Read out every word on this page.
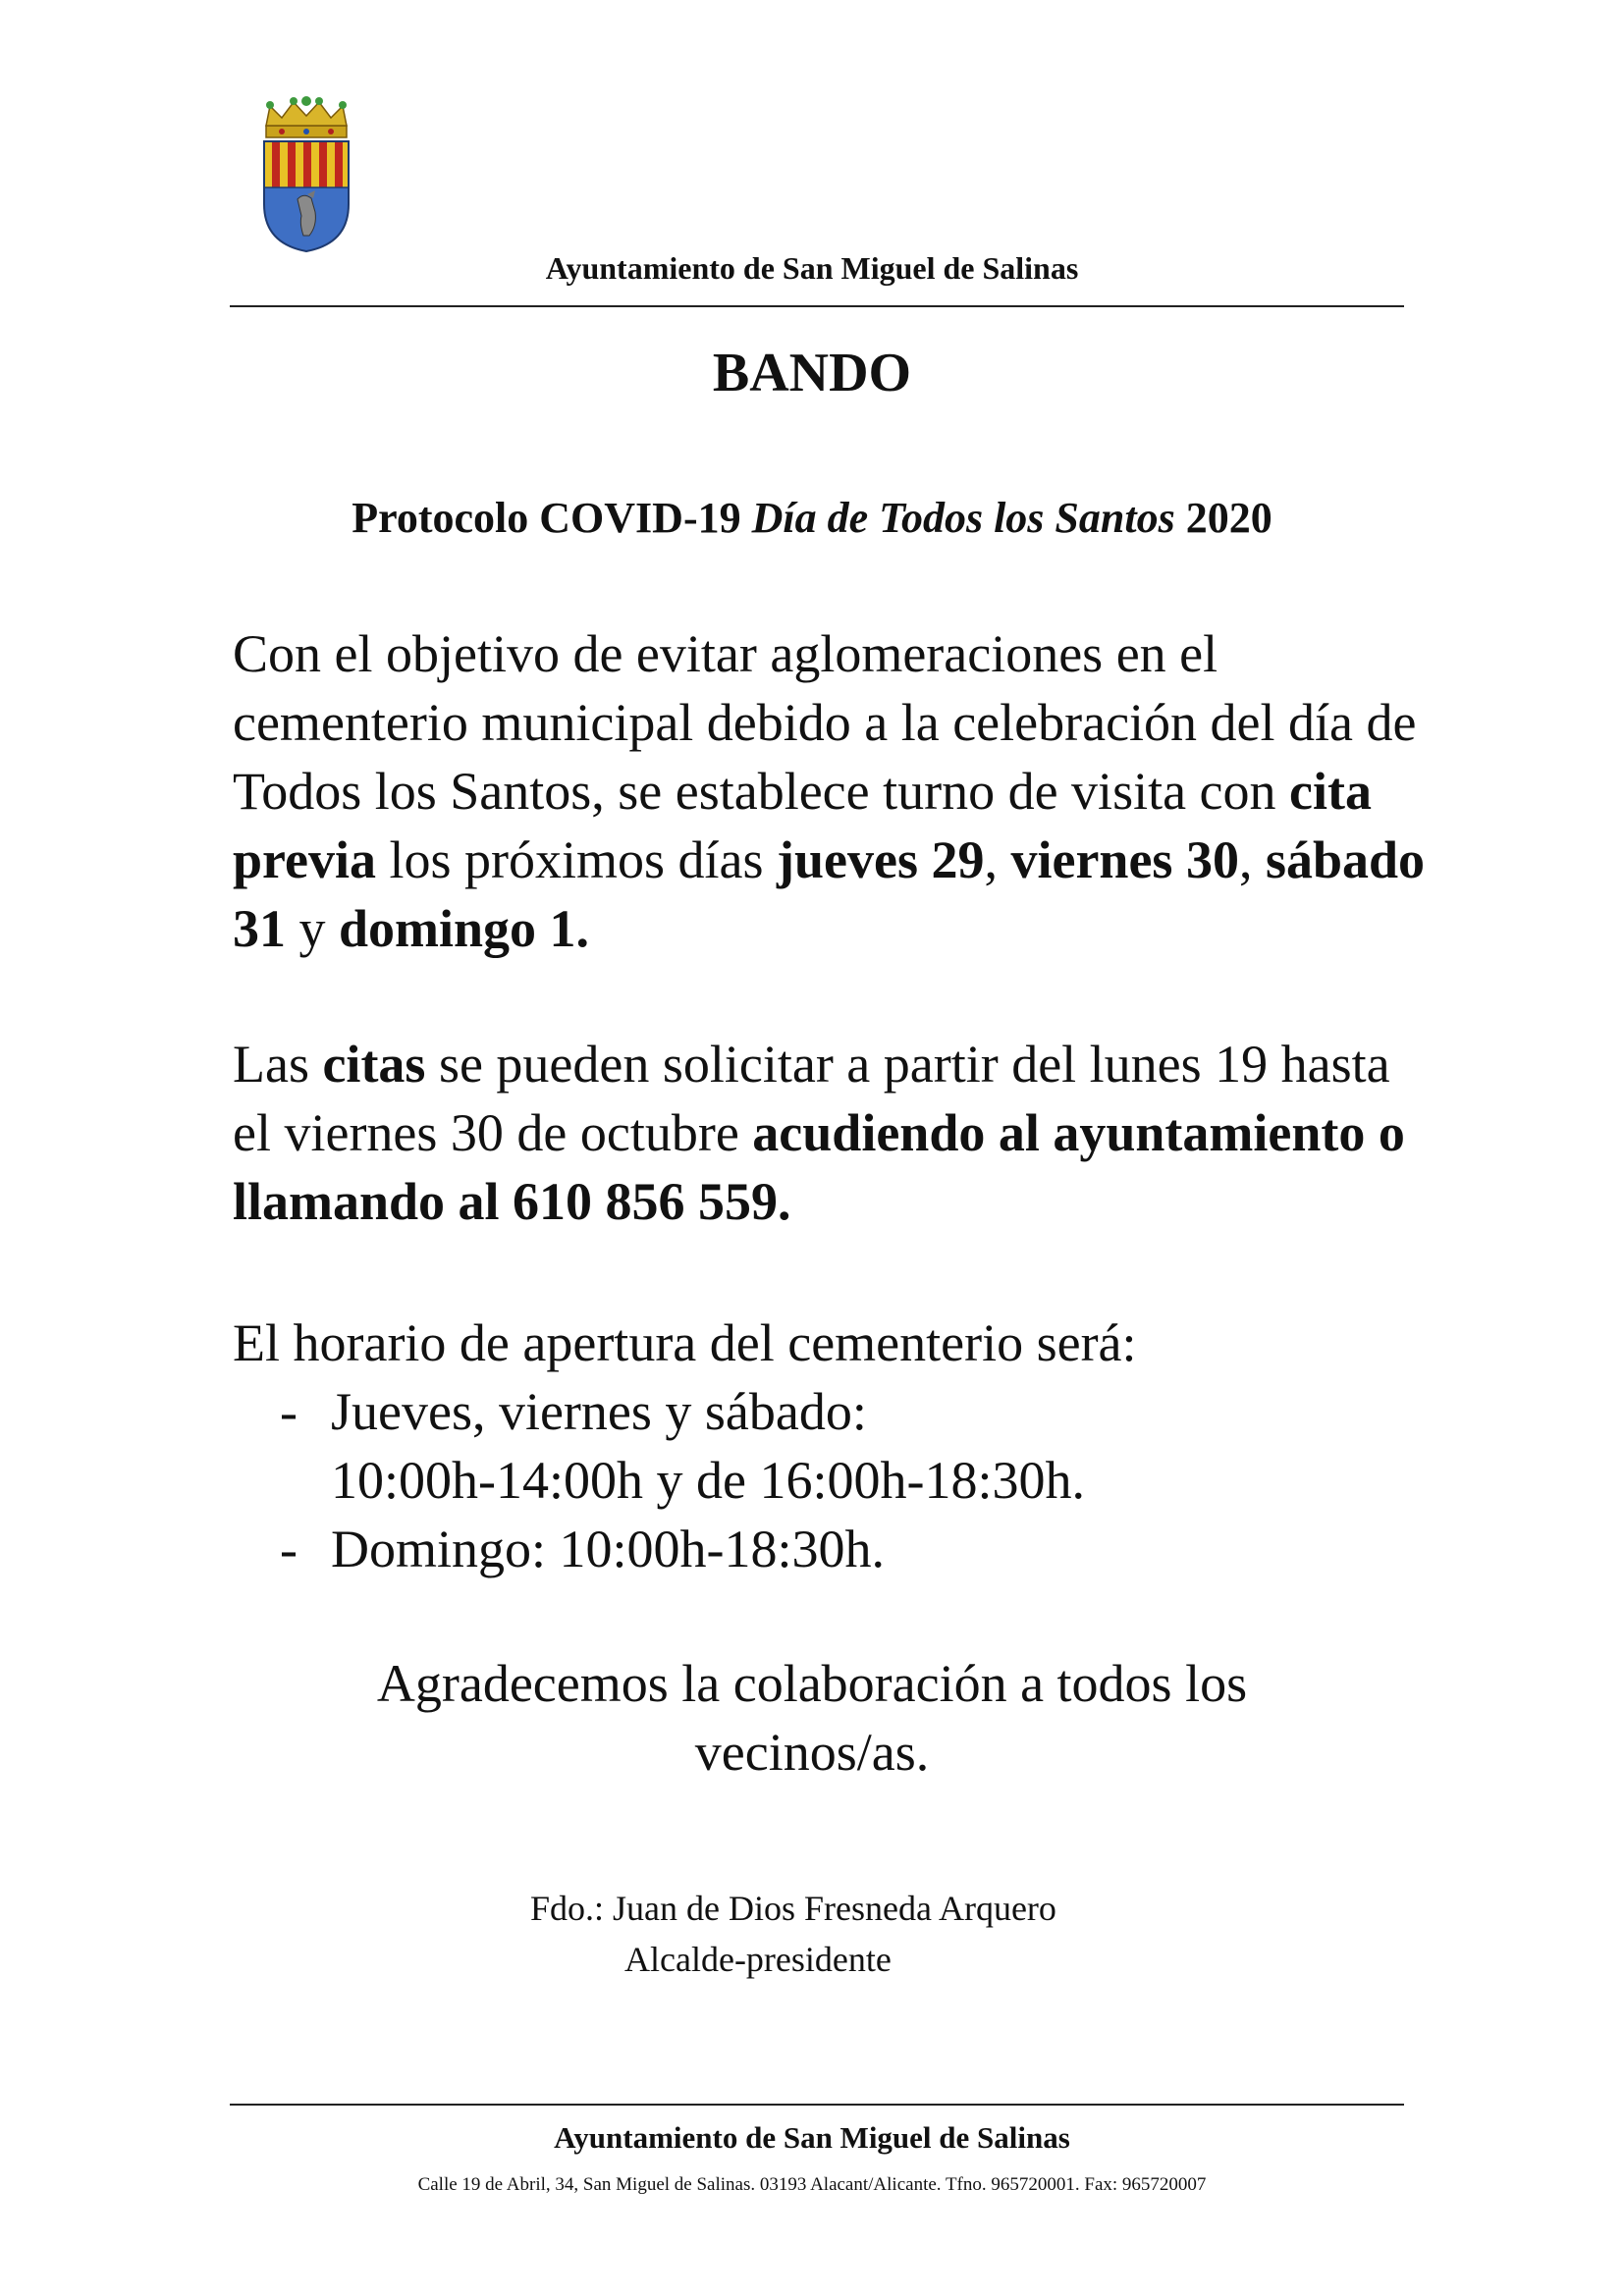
Ayuntamiento de San Miguel de Salinas
BANDO
Protocolo COVID-19 Día de Todos los Santos 2020
Con el objetivo de evitar aglomeraciones en el cementerio municipal debido a la celebración del día de Todos los Santos, se establece turno de visita con cita previa los próximos días jueves 29, viernes 30, sábado 31 y domingo 1.
Las citas se pueden solicitar a partir del lunes 19 hasta el viernes 30 de octubre acudiendo al ayuntamiento o llamando al 610 856 559.
El horario de apertura del cementerio será:
- Jueves, viernes y sábado:
10:00h-14:00h y de 16:00h-18:30h.
- Domingo: 10:00h-18:30h.
Agradecemos la colaboración a todos los vecinos/as.
Fdo.: Juan de Dios Fresneda Arquero
Alcalde-presidente
Ayuntamiento de San Miguel de Salinas
Calle 19 de Abril, 34, San Miguel de Salinas. 03193 Alacant/Alicante. Tfno. 965720001. Fax: 965720007
